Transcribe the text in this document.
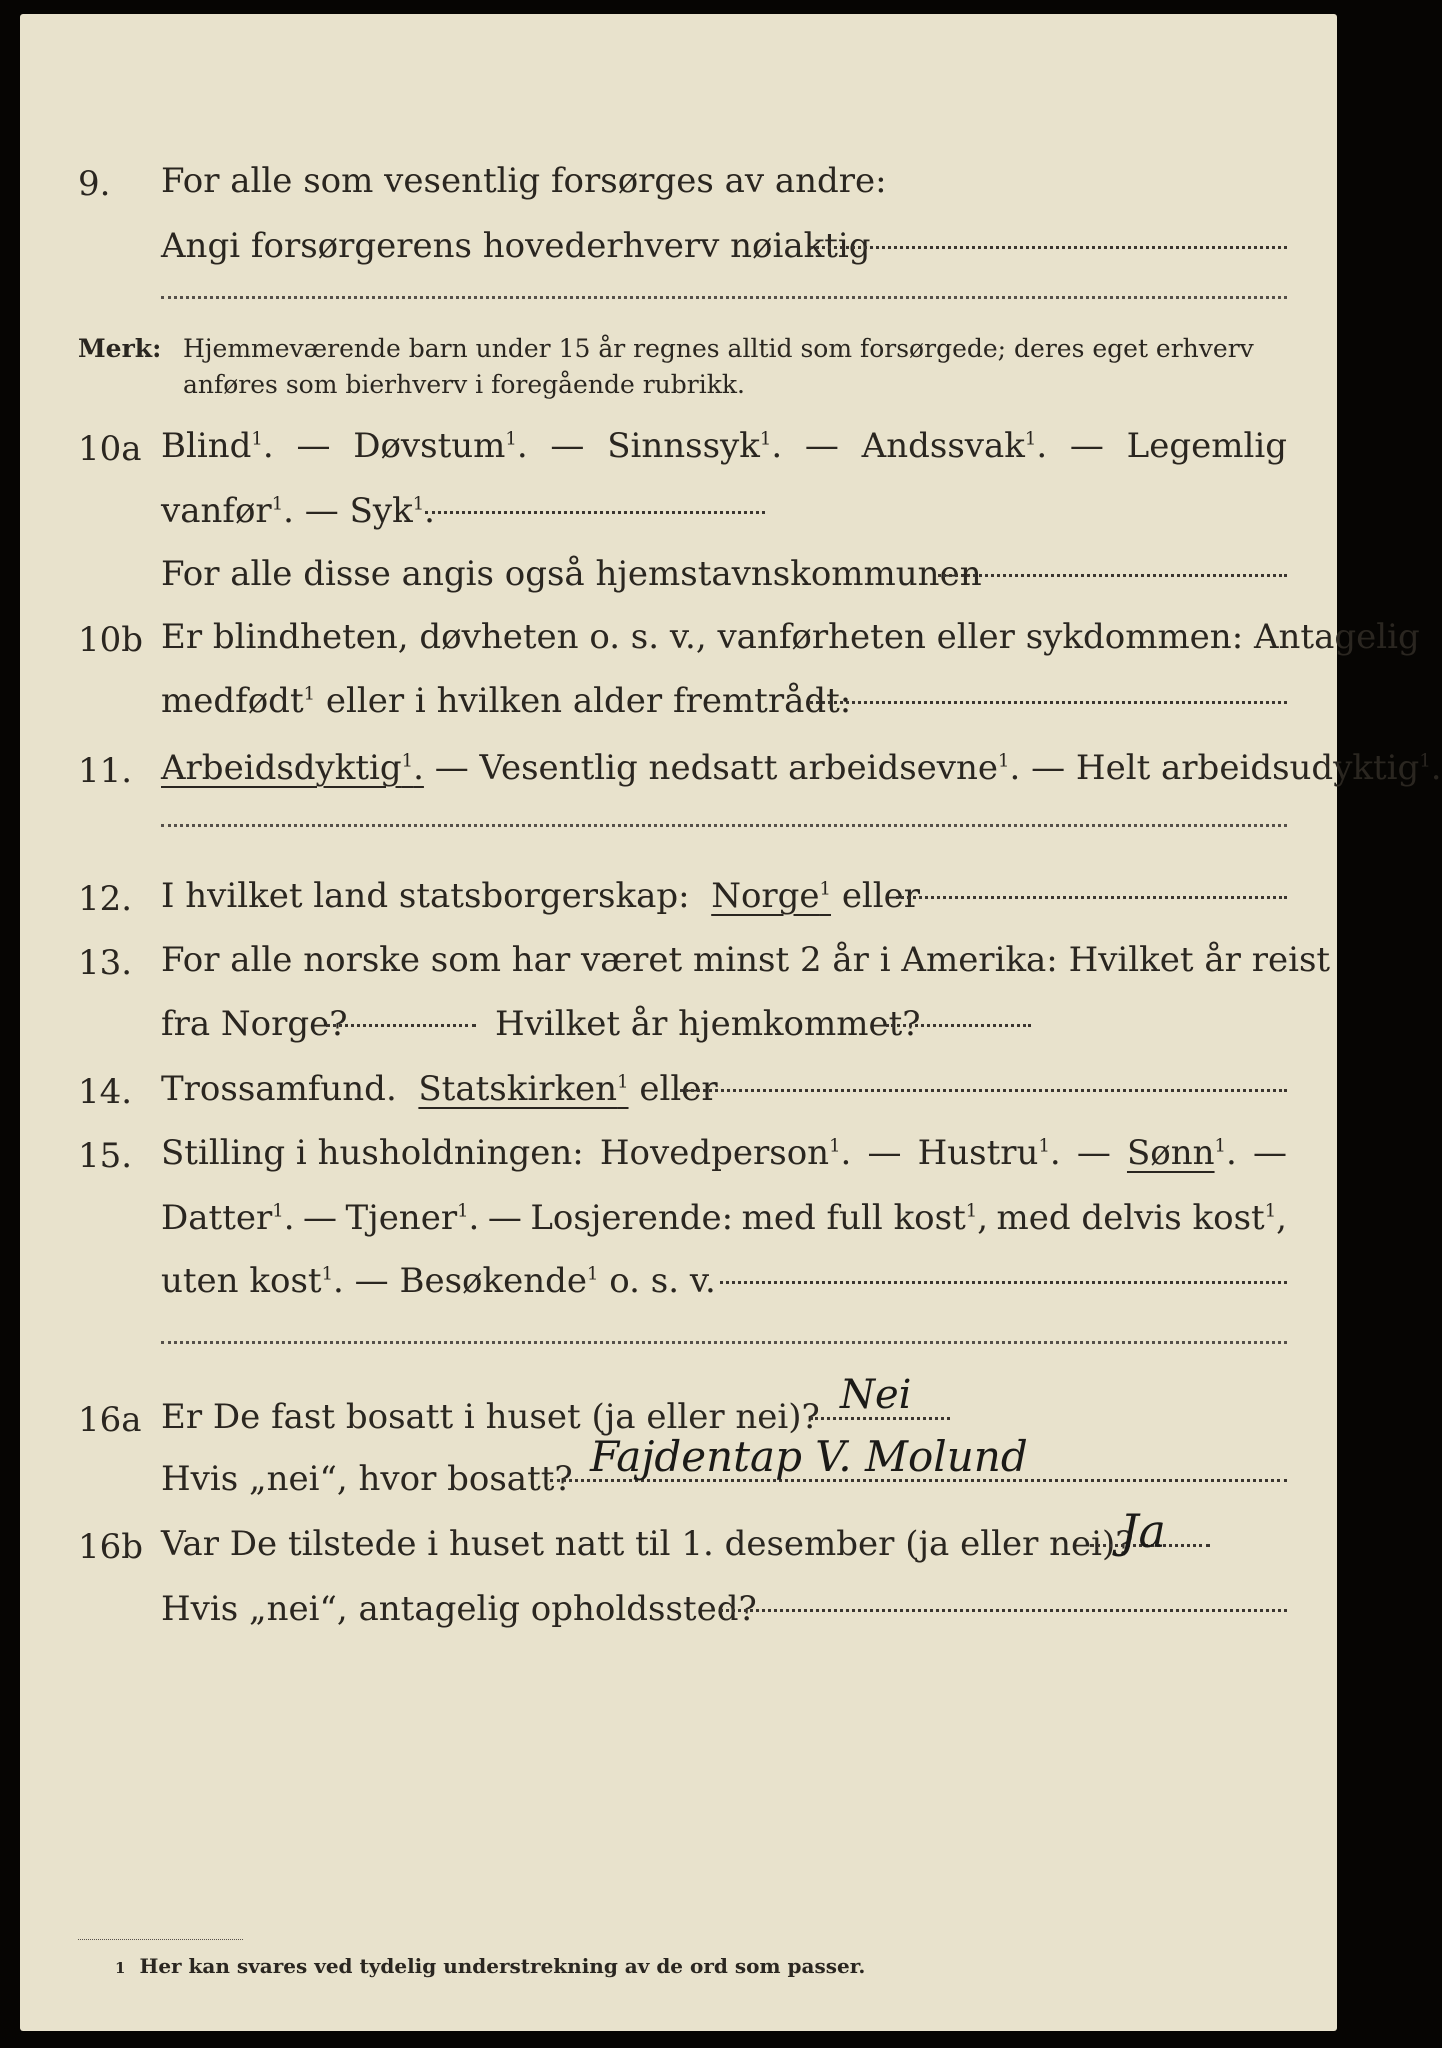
9. For alle som vesentlig forsørges av andre:
Angi forsørgerens hovederhverv nøiaktig
Merk: Hjemmeværende barn under 15 år regnes alltid som forsørgede; deres eget erhverv
anføres som bierhverv i foregående rubrikk.
10a Blind$^1$. — Døvstum$^1$. — Sinnssyk$^1$. — Andssvak$^1$. — Legemlig
vanfør$^1$. — Syk$^1$.
For alle disse angis også hjemstavnskommunen
10b Er blindheten, døvheten o. s. v., vanførheten eller sykdommen: Antagelig
medfødt$^1$ eller i hvilken alder fremtrådt:
11. Arbeidsdyktig$^1$. — Vesentlig nedsatt arbeidsevne$^1$. — Helt arbeidsudyktig$^1$.
12. I hvilket land statsborgerskap: Norge$^1$ eller
13. For alle norske som har været minst 2 år i Amerika: Hvilket år reist
fra Norge?	Hvilket år hjemkommet?
14. Trossamfund. Statskirken$^1$ eller
15. Stilling i husholdningen: Hovedperson$^1$. — Hustru$^1$. — Sønn$^1$. —
Datter$^1$. — Tjener$^1$. — Losjerende: med full kost$^1$, med delvis kost$^1$,
uten kost$^1$. — Besøkende$^1$ o. s. v.
16a Er De fast bosatt i huset (ja eller nei)? Nei
Hvis „nei“, hvor bosatt? Fajdentap V. Molund
16b Var De tilstede i huset natt til 1. desember (ja eller nei)?
Ja
Hvis „nei“, antagelig opholdssted?
1 Her kan svares ved tydelig understrekning av de ord som passer.
